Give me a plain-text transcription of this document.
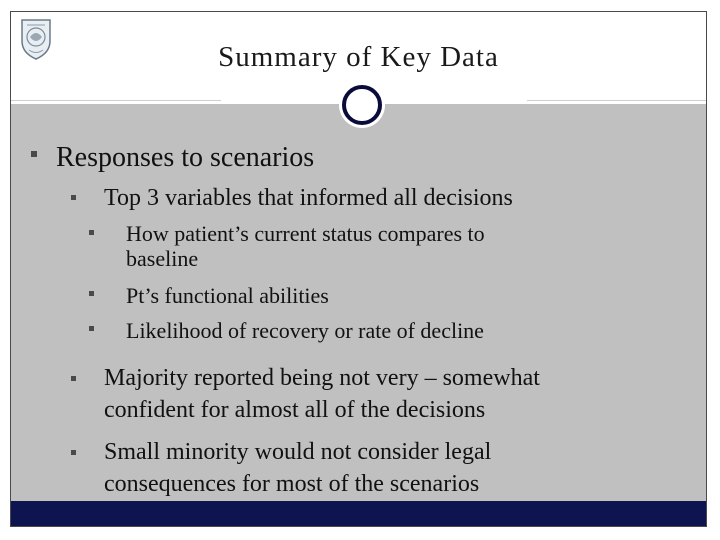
Summary of Key Data
Responses to scenarios
Top 3 variables that informed all decisions
How patient’s current status compares to
baseline
Pt’s functional abilities
Likelihood of recovery or rate of decline
Majority reported being not very – somewhat
confident for almost all of the decisions
Small minority would not consider legal
consequences for most of the scenarios
